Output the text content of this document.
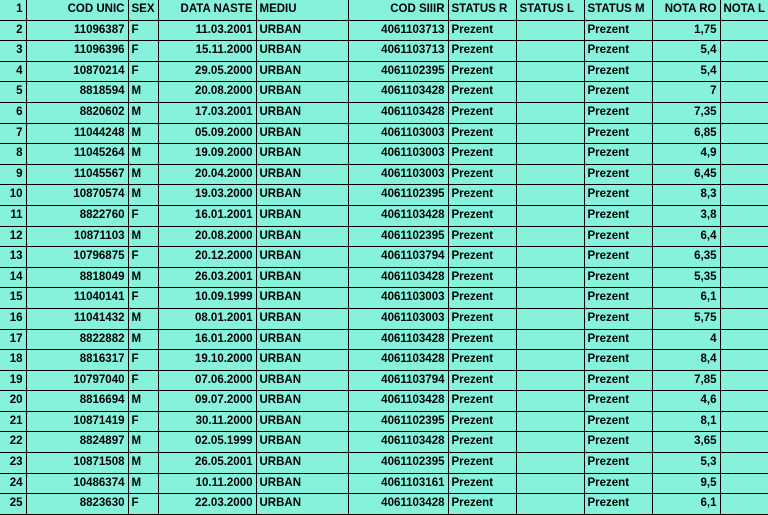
1	COD UNIC	SEX	DATA NASTE	MEDIU	COD SIIIR	STATUS R	STATUS L	STATUS M	NOTA RO	NOTA L
2	11096387	F	11.03.2001	URBAN	4061103713	Prezent		Prezent	1,75	
3	11096396	F	15.11.2000	URBAN	4061103713	Prezent		Prezent	5,4	
4	10870214	F	29.05.2000	URBAN	4061102395	Prezent		Prezent	5,4	
5	8818594	M	20.08.2000	URBAN	4061103428	Prezent		Prezent	7	
6	8820602	M	17.03.2001	URBAN	4061103428	Prezent		Prezent	7,35	
7	11044248	M	05.09.2000	URBAN	4061103003	Prezent		Prezent	6,85	
8	11045264	M	19.09.2000	URBAN	4061103003	Prezent		Prezent	4,9	
9	11045567	M	20.04.2000	URBAN	4061103003	Prezent		Prezent	6,45	
10	10870574	M	19.03.2000	URBAN	4061102395	Prezent		Prezent	8,3	
11	8822760	F	16.01.2001	URBAN	4061103428	Prezent		Prezent	3,8	
12	10871103	M	20.08.2000	URBAN	4061102395	Prezent		Prezent	6,4	
13	10796875	F	20.12.2000	URBAN	4061103794	Prezent		Prezent	6,35	
14	8818049	M	26.03.2001	URBAN	4061103428	Prezent		Prezent	5,35	
15	11040141	F	10.09.1999	URBAN	4061103003	Prezent		Prezent	6,1	
16	11041432	M	08.01.2001	URBAN	4061103003	Prezent		Prezent	5,75	
17	8822882	M	16.01.2000	URBAN	4061103428	Prezent		Prezent	4	
18	8816317	F	19.10.2000	URBAN	4061103428	Prezent		Prezent	8,4	
19	10797040	F	07.06.2000	URBAN	4061103794	Prezent		Prezent	7,85	
20	8816694	M	09.07.2000	URBAN	4061103428	Prezent		Prezent	4,6	
21	10871419	F	30.11.2000	URBAN	4061102395	Prezent		Prezent	8,1	
22	8824897	M	02.05.1999	URBAN	4061103428	Prezent		Prezent	3,65	
23	10871508	M	26.05.2001	URBAN	4061102395	Prezent		Prezent	5,3	
24	10486374	M	10.11.2000	URBAN	4061103161	Prezent		Prezent	9,5	
25	8823630	F	22.03.2000	URBAN	4061103428	Prezent		Prezent	6,1	
